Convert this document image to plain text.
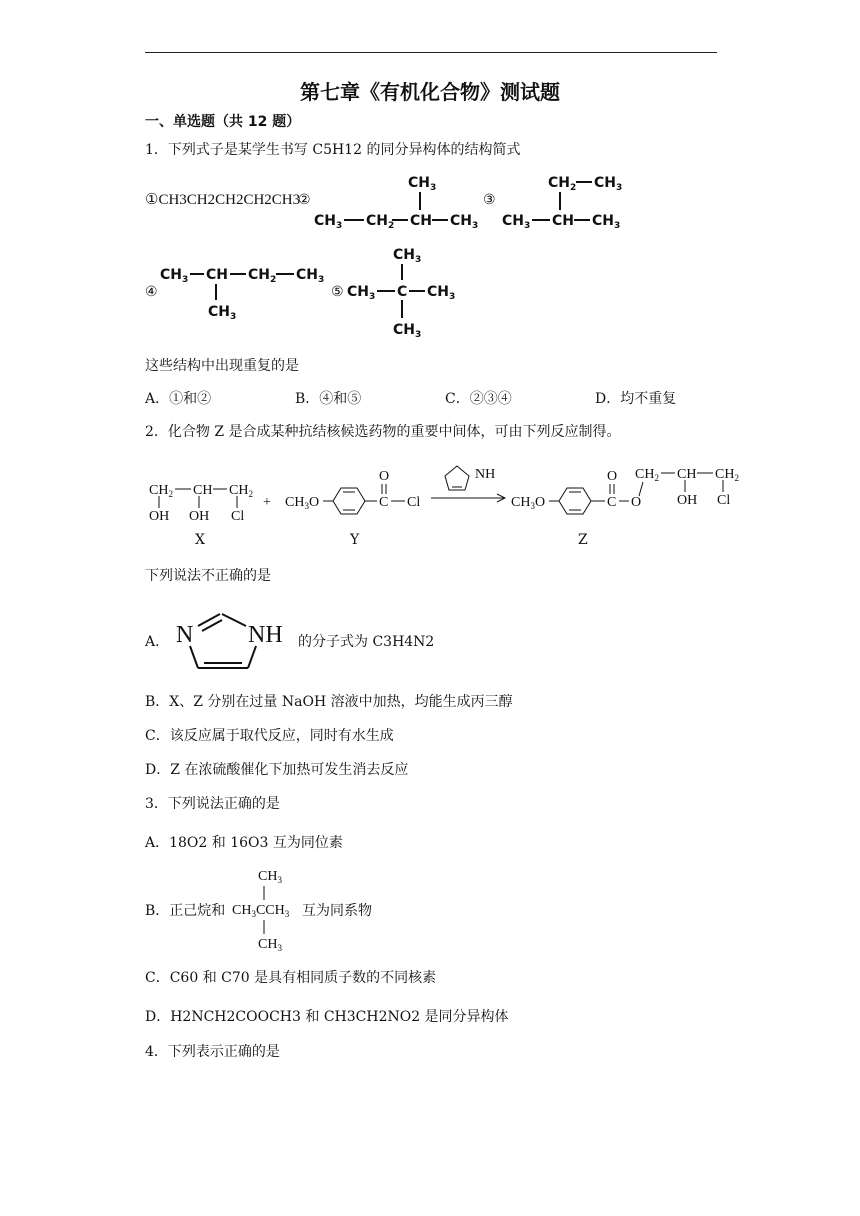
第七章《有机化合物》测试题
一、单选题（共 12 题）
1．下列式子是某学生书写 C5H12 的同分异构体的结构简式
①CH3CH2CH2CH2CH3
②	③
④	⑤
$CH_3$
$CH_3$ $CH_2$ CH $CH_3$
$CH_2$ $CH_3$
$CH_3$ CH $CH_3$
$CH_3$ CH $CH_2$ $CH_3$
$CH_3$
$CH_3$
$CH_3$ C $CH_3$
$CH_3$
这些结构中出现重复的是
A．①和②	B．④和⑤	C．②③④	D．均不重复
2．化合物 Z 是合成某种抗结核候选药物的重要中间体，可由下列反应制得。
$CH_2$ CH $CH_2$
OH OH Cl
+ $CH_3O$
O
C Cl
NH
$CH_3O$
O
C O
$CH_2$ CH $CH_2$
OH Cl
X	Y	Z
下列说法不正确的是
A． N NH 的分子式为 C3H4N2
B．X、Z 分别在过量 NaOH 溶液中加热，均能生成丙三醇
C．该反应属于取代反应，同时有水生成
D．Z 在浓硫酸催化下加热可发生消去反应
3．下列说法正确的是
A．18O2 和 16O3 互为同位素
B．正己烷和
$CH_3$
$CH_3CCH_3$
$CH_3$
互为同系物
C．C60 和 C70 是具有相同质子数的不同核素
D．H2NCH2COOCH3 和 CH3CH2NO2 是同分异构体
4．下列表示正确的是
